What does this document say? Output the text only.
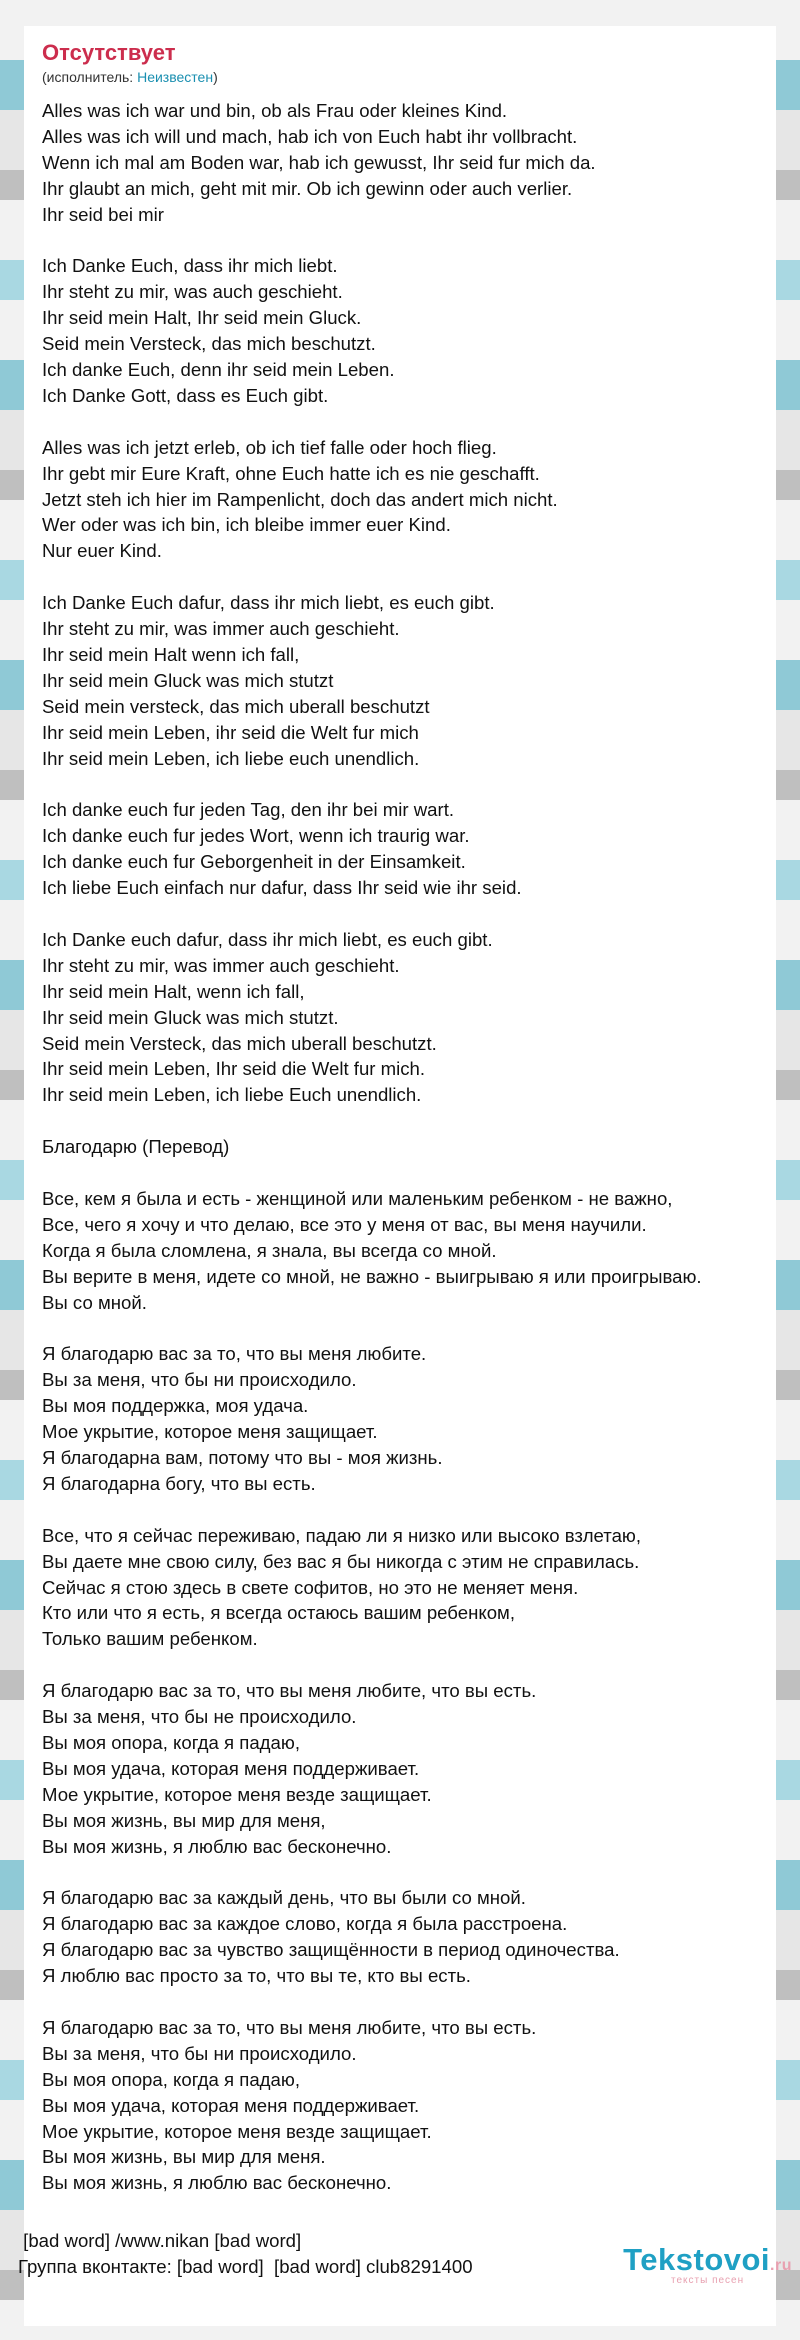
Отсутствует
(исполнитель: Неизвестен)
Alles was ich war und bin, ob als Frau oder kleines Kind.
Alles was ich will und mach, hab ich von Euch habt ihr vollbracht.
Wenn ich mal am Boden war, hab ich gewusst, Ihr seid fur mich da.
Ihr glaubt an mich, geht mit mir. Ob ich gewinn oder auch verlier.
Ihr seid bei mir
Ich Danke Euch, dass ihr mich liebt.
Ihr steht zu mir, was auch geschieht.
Ihr seid mein Halt, Ihr seid mein Gluck.
Seid mein Versteck, das mich beschutzt.
Ich danke Euch, denn ihr seid mein Leben.
Ich Danke Gott, dass es Euch gibt.
Alles was ich jetzt erleb, ob ich tief falle oder hoch flieg.
Ihr gebt mir Eure Kraft, ohne Euch hatte ich es nie geschafft.
Jetzt steh ich hier im Rampenlicht, doch das andert mich nicht.
Wer oder was ich bin, ich bleibe immer euer Kind.
Nur euer Kind.
Ich Danke Euch dafur, dass ihr mich liebt, es euch gibt.
Ihr steht zu mir, was immer auch geschieht.
Ihr seid mein Halt wenn ich fall,
Ihr seid mein Gluck was mich stutzt
Seid mein versteck, das mich uberall beschutzt
Ihr seid mein Leben, ihr seid die Welt fur mich
Ihr seid mein Leben, ich liebe euch unendlich.
Ich danke euch fur jeden Tag, den ihr bei mir wart.
Ich danke euch fur jedes Wort, wenn ich traurig war.
Ich danke euch fur Geborgenheit in der Einsamkeit.
Ich liebe Euch einfach nur dafur, dass Ihr seid wie ihr seid.
Ich Danke euch dafur, dass ihr mich liebt, es euch gibt.
Ihr steht zu mir, was immer auch geschieht.
Ihr seid mein Halt, wenn ich fall,
Ihr seid mein Gluck was mich stutzt.
Seid mein Versteck, das mich uberall beschutzt.
Ihr seid mein Leben, Ihr seid die Welt fur mich.
Ihr seid mein Leben, ich liebe Euch unendlich.
Благодарю (Перевод)
Все, кем я была и есть - женщиной или маленьким ребенком - не важно,
Все, чего я хочу и что делаю, все это у меня от вас, вы меня научили.
Когда я была сломлена, я знала, вы всегда со мной.
Вы верите в меня, идете со мной, не важно - выигрываю я или проигрываю.
Вы со мной.
Я благодарю вас за то, что вы меня любите.
Вы за меня, что бы ни происходило.
Вы моя поддержка, моя удача.
Мое укрытие, которое меня защищает.
Я благодарна вам, потому что вы - моя жизнь.
Я благодарна богу, что вы есть.
Все, что я сейчас переживаю, падаю ли я низко или высоко взлетаю,
Вы даете мне свою силу, без вас я бы никогда с этим не справилась.
Сейчас я стою здесь в свете софитов, но это не меняет меня.
Кто или что я есть, я всегда остаюсь вашим ребенком,
Только вашим ребенком.
Я благодарю вас за то, что вы меня любите, что вы есть.
Вы за меня, что бы не происходило.
Вы моя опора, когда я падаю,
Вы моя удача, которая меня поддерживает.
Мое укрытие, которое меня везде защищает.
Вы моя жизнь, вы мир для меня,
Вы моя жизнь, я люблю вас бесконечно.
Я благодарю вас за каждый день, что вы были со мной.
Я благодарю вас за каждое слово, когда я была расстроена.
Я благодарю вас за чувство защищённости в период одиночества.
Я люблю вас просто за то, что вы те, кто вы есть.
Я благодарю вас за то, что вы меня любите, что вы есть.
Вы за меня, что бы ни происходило.
Вы моя опора, когда я падаю,
Вы моя удача, которая меня поддерживает.
Мое укрытие, которое меня везде защищает.
Вы моя жизнь, вы мир для меня.
Вы моя жизнь, я люблю вас бесконечно.
[bad word] /www.nikan [bad word]
Группа вконтакте: [bad word]  [bad word] club8291400	Tekstovoi.ru
тексты песен
